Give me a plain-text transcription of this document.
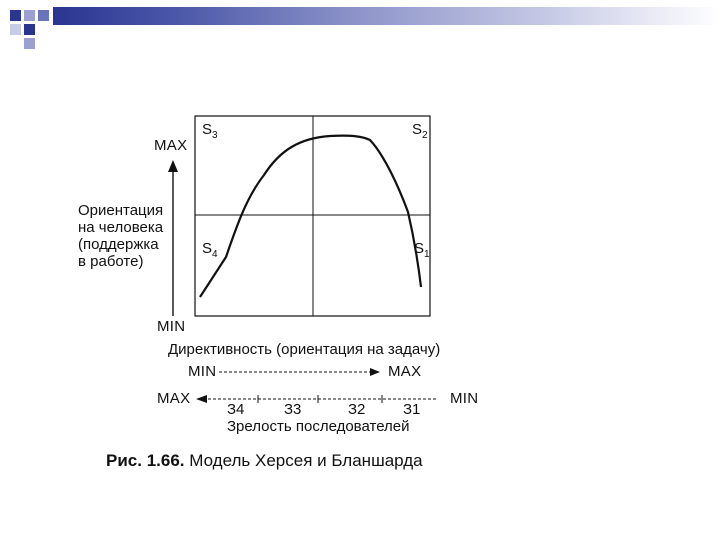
$S_3$	$S_2$
$S_4$	$S_1$
MAX
MIN
Ориентация
на человека
(поддержка
в работе)
Директивность (ориентация на задачу)
MIN	MAX
MAX	MIN
З4	З3	З2	З1
Зрелость последователей
Рис. 1.66. Модель Херсея и Бланшарда
